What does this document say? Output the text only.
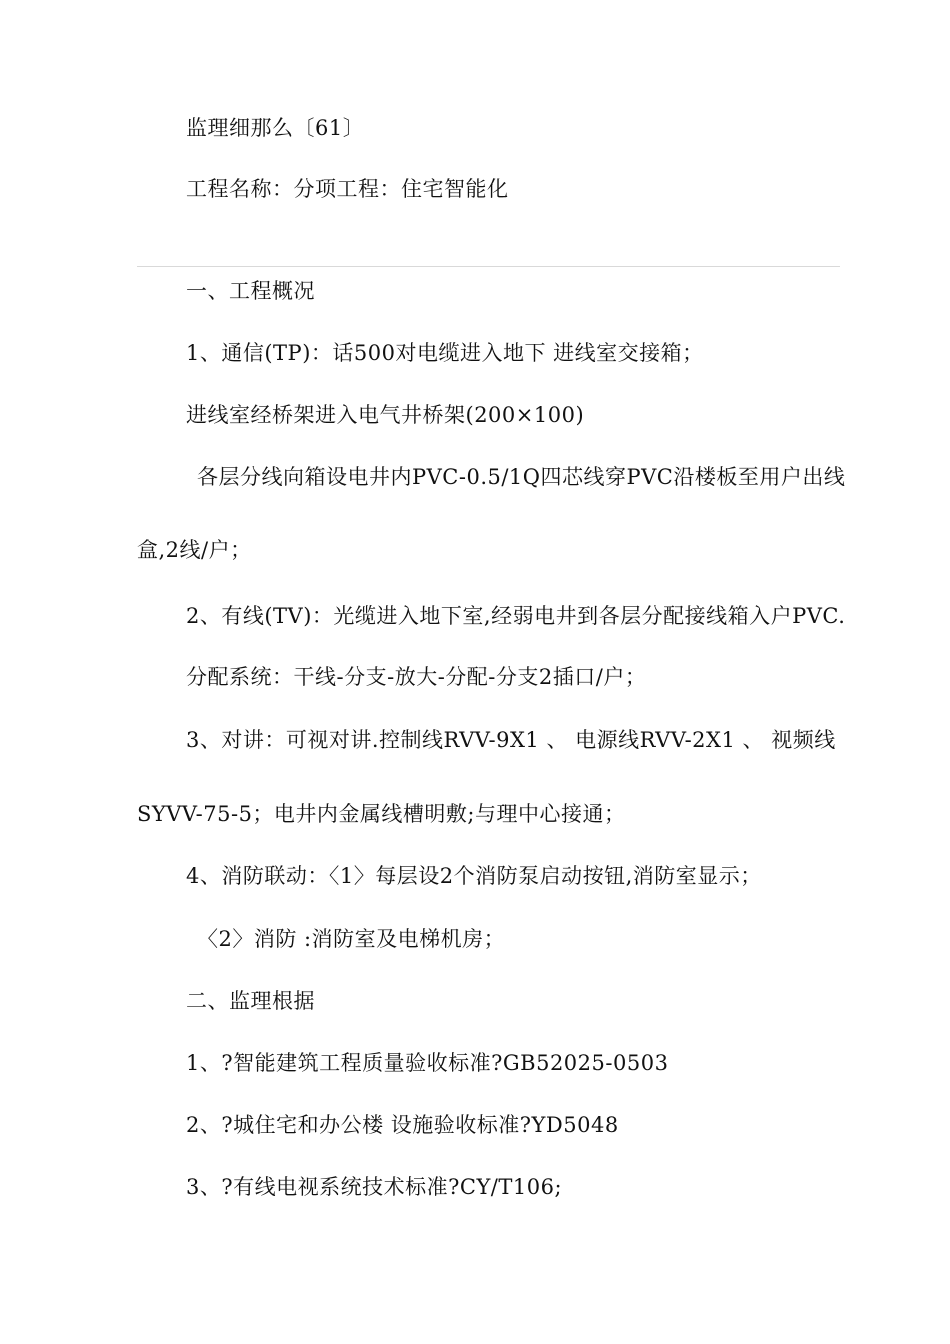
监理细那么〔61〕
工程名称：分项工程：住宅智能化
一、工程概况
1、通信(TP)：话500对电缆进入地下 进线室交接箱；
进线室经桥架进入电气井桥架(200×100)
各层分线向箱设电井内PVC-0.5/1Q四芯线穿PVC沿楼板至用户出线
盒,2线/户；
2、有线(TV)：光缆进入地下室,经弱电井到各层分配接线箱入户PVC.
分配系统：干线-分支-放大-分配-分支2插口/户；
3、对讲：可视对讲.控制线RVV-9X1 、 电源线RVV-2X1 、 视频线
SYVV-75-5；电井内金属线槽明敷;与理中心接通；
4、消防联动：〈1〉每层设2个消防泵启动按钮,消防室显示；
〈2〉消防 :消防室及电梯机房；
二、监理根据
1、?智能建筑工程质量验收标准?GB52025-0503
2、?城住宅和办公楼 设施验收标准?YD5048
3、?有线电视系统技术标准?CY/T106;
